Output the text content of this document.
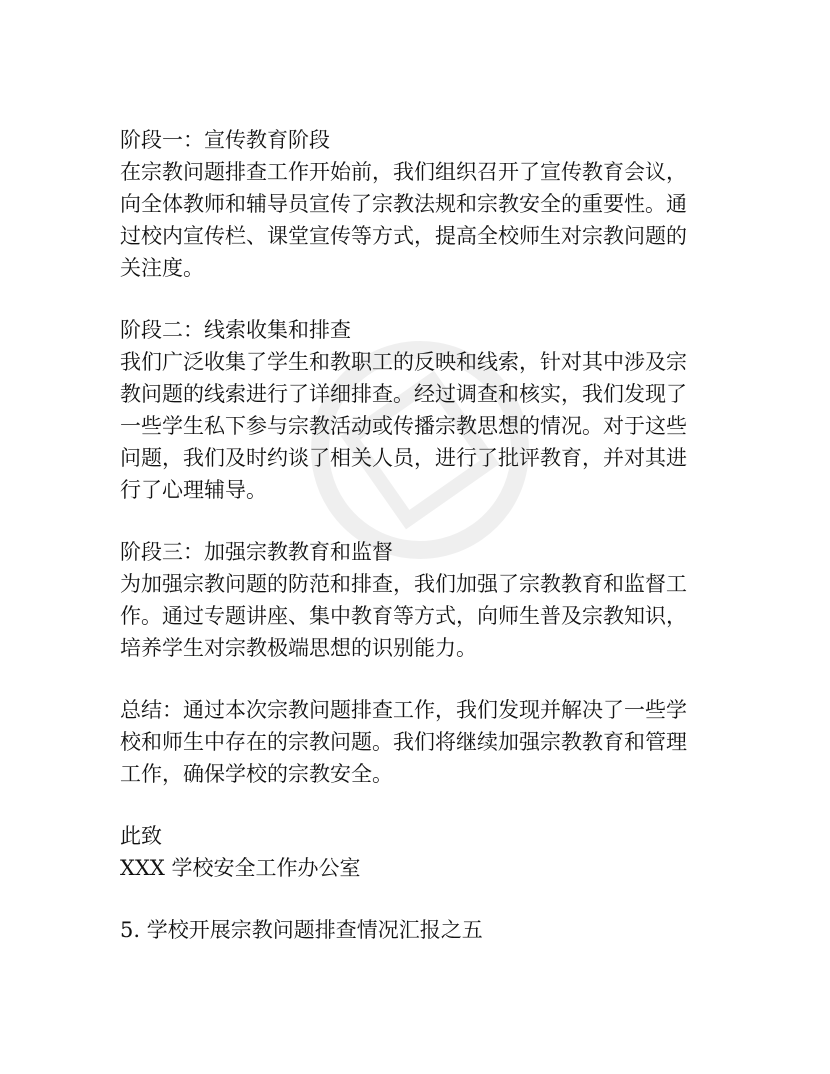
阶段一：宣传教育阶段
在宗教问题排查工作开始前，我们组织召开了宣传教育会议，
向全体教师和辅导员宣传了宗教法规和宗教安全的重要性。通
过校内宣传栏、课堂宣传等方式，提高全校师生对宗教问题的
关注度。
阶段二：线索收集和排查
我们广泛收集了学生和教职工的反映和线索，针对其中涉及宗
教问题的线索进行了详细排查。经过调查和核实，我们发现了
一些学生私下参与宗教活动或传播宗教思想的情况。对于这些
问题，我们及时约谈了相关人员，进行了批评教育，并对其进
行了心理辅导。
阶段三：加强宗教教育和监督
为加强宗教问题的防范和排查，我们加强了宗教教育和监督工
作。通过专题讲座、集中教育等方式，向师生普及宗教知识，
培养学生对宗教极端思想的识别能力。
总结：通过本次宗教问题排查工作，我们发现并解决了一些学
校和师生中存在的宗教问题。我们将继续加强宗教教育和管理
工作，确保学校的宗教安全。
此致
XXX 学校安全工作办公室
5. 学校开展宗教问题排查情况汇报之五
